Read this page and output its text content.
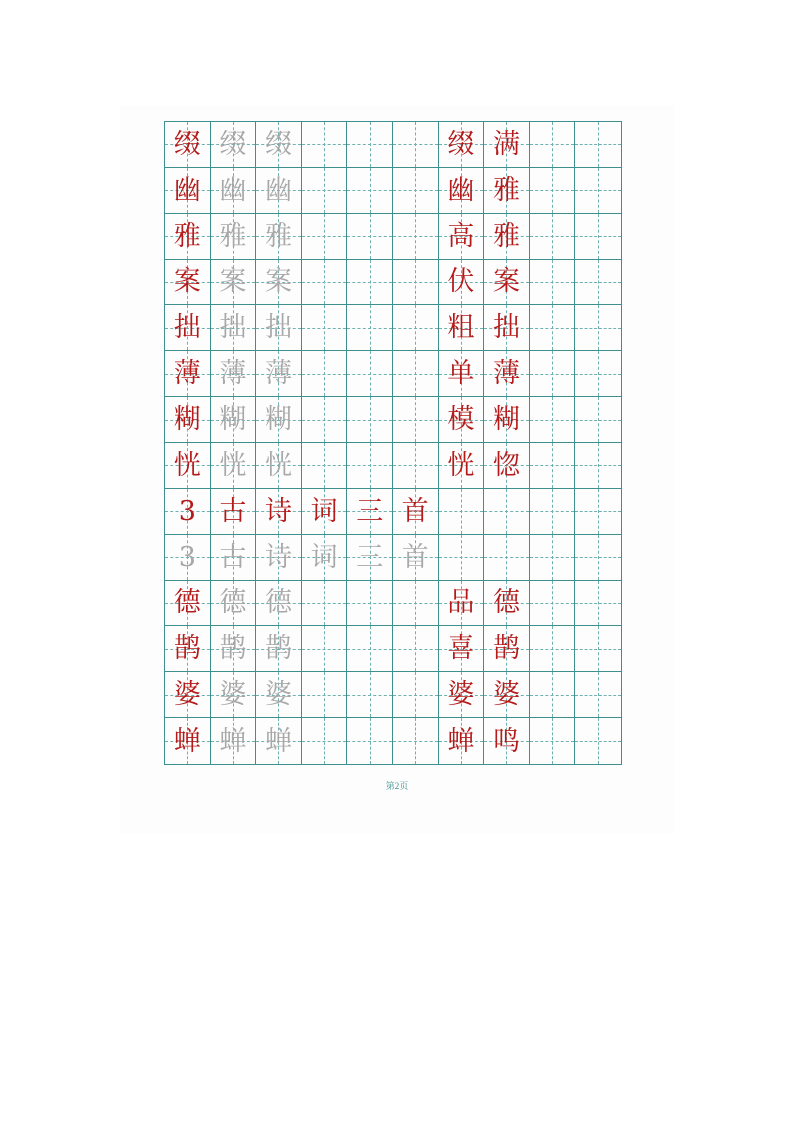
缀 缀 缀	缀 满
幽 幽 幽	幽 雅
雅 雅 雅	高 雅
案 案 案	伏 案
拙 拙 拙	粗 拙
薄 薄 薄	单 薄
糊 糊 糊	模 糊
恍 恍 恍	恍 惚
3 古 诗 词 三 首
3 古 诗 词 三 首
德 德 德	品 德
鹊 鹊 鹊	喜 鹊
婆 婆 婆	婆 婆
蝉 蝉 蝉	蝉 鸣
第2页
